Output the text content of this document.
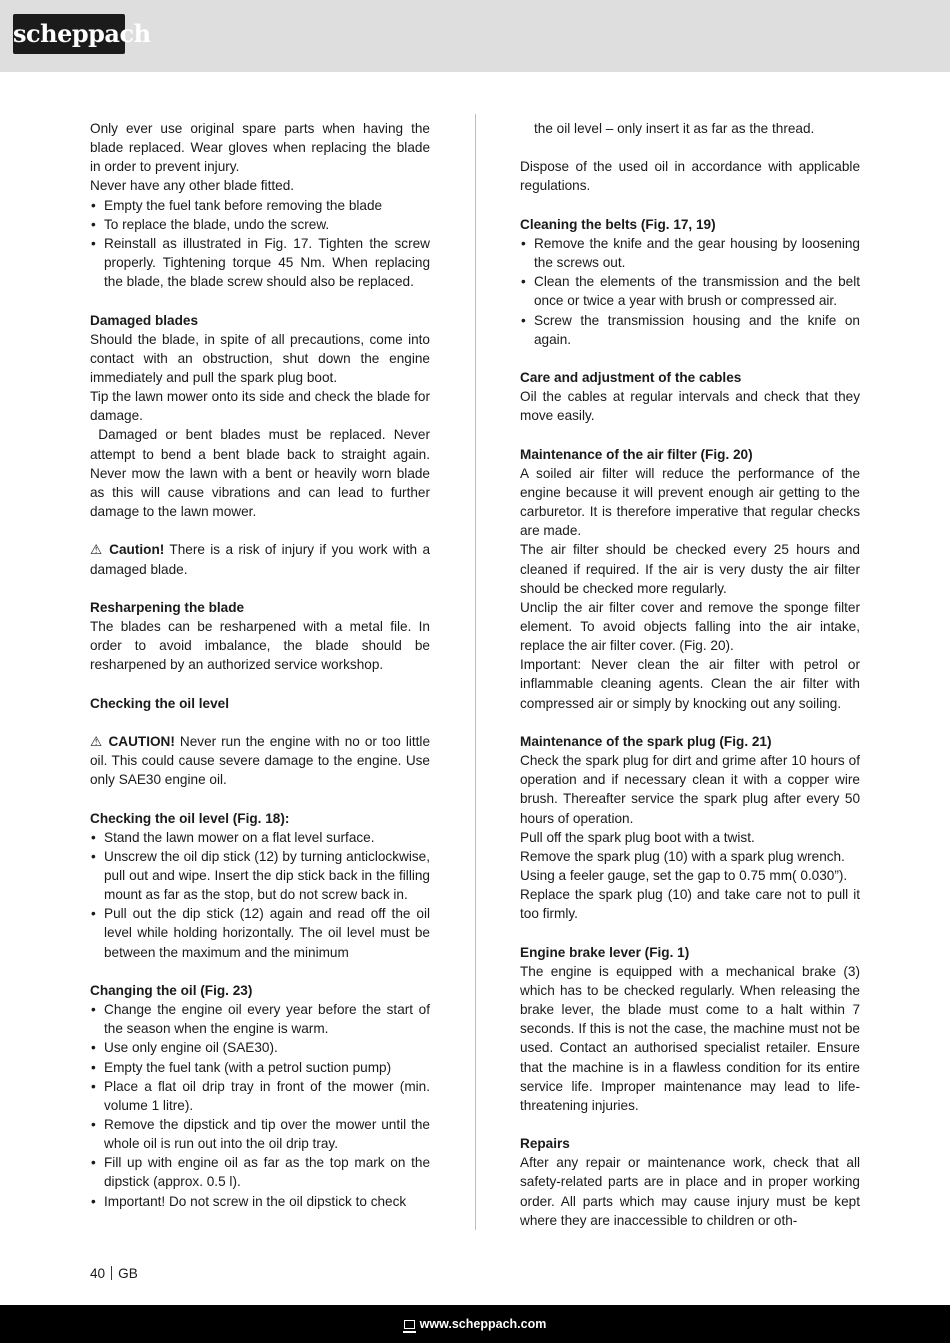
scheppach

Only ever use original spare parts when having the blade replaced. Wear gloves when replacing the blade in order to prevent injury.

Never have any other blade fitted.

• Empty the fuel tank before removing the blade
• To replace the blade, undo the screw.
• Reinstall as illustrated in Fig. 17. Tighten the screw properly. Tightening torque 45 Nm. When replacing the blade, the blade screw should also be replaced.

Damaged blades

Should the blade, in spite of all precautions, come into contact with an obstruction, shut down the engine immediately and pull the spark plug boot.

Tip the lawn mower onto its side and check the blade for damage.

Damaged or bent blades must be replaced. Never attempt to bend a bent blade back to straight again. Never mow the lawn with a bent or heavily worn blade as this will cause vibrations and can lead to further damage to the lawn mower.

⚠ Caution! There is a risk of injury if you work with a damaged blade.

Resharpening the blade

The blades can be resharpened with a metal file. In order to avoid imbalance, the blade should be resharpened by an authorized service workshop.

Checking the oil level

⚠ CAUTION! Never run the engine with no or too little oil. This could cause severe damage to the engine. Use only SAE30 engine oil.

Checking the oil level (Fig. 18):

• Stand the lawn mower on a flat level surface.
• Unscrew the oil dip stick (12) by turning anticlockwise, pull out and wipe. Insert the dip stick back in the filling mount as far as the stop, but do not screw back in.
• Pull out the dip stick (12) again and read off the oil level while holding horizontally. The oil level must be between the maximum and the minimum

Changing the oil (Fig. 23)

• Change the engine oil every year before the start of the season when the engine is warm.
• Use only engine oil (SAE30).
• Empty the fuel tank (with a petrol suction pump)
• Place a flat oil drip tray in front of the mower (min. volume 1 litre).
• Remove the dipstick and tip over the mower until the whole oil is run out into the oil drip tray.
• Fill up with engine oil as far as the top mark on the dipstick (approx. 0.5 l).
• Important! Do not screw in the oil dipstick to check

the oil level – only insert it as far as the thread.

Dispose of the used oil in accordance with applicable regulations.

Cleaning the belts (Fig. 17, 19)

• Remove the knife and the gear housing by loosening the screws out.
• Clean the elements of the transmission and the belt once or twice a year with brush or compressed air.
• Screw the transmission housing and the knife on again.

Care and adjustment of the cables

Oil the cables at regular intervals and check that they move easily.

Maintenance of the air filter (Fig. 20)

A soiled air filter will reduce the performance of the engine because it will prevent enough air getting to the carburetor. It is therefore imperative that regular checks are made.

The air filter should be checked every 25 hours and cleaned if required. If the air is very dusty the air filter should be checked more regularly.

Unclip the air filter cover and remove the sponge filter element. To avoid objects falling into the air intake, replace the air filter cover. (Fig. 20).

Important: Never clean the air filter with petrol or inflammable cleaning agents. Clean the air filter with compressed air or simply by knocking out any soiling.

Maintenance of the spark plug (Fig. 21)

Check the spark plug for dirt and grime after 10 hours of operation and if necessary clean it with a copper wire brush. Thereafter service the spark plug after every 50 hours of operation.

Pull off the spark plug boot with a twist.

Remove the spark plug (10) with a spark plug wrench.

Using a feeler gauge, set the gap to 0.75 mm( 0.030”).

Replace the spark plug (10) and take care not to pull it too firmly.

Engine brake lever (Fig. 1)

The engine is equipped with a mechanical brake (3) which has to be checked regularly. When releasing the brake lever, the blade must come to a halt within 7 seconds. If this is not the case, the machine must not be used. Contact an authorised specialist retailer. Ensure that the machine is in a flawless condition for its entire service life. Improper maintenance may lead to life-threatening injuries.

Repairs

After any repair or maintenance work, check that all safety-related parts are in place and in proper working order. All parts which may cause injury must be kept where they are inaccessible to children or oth-

40 GB
www.scheppach.com
